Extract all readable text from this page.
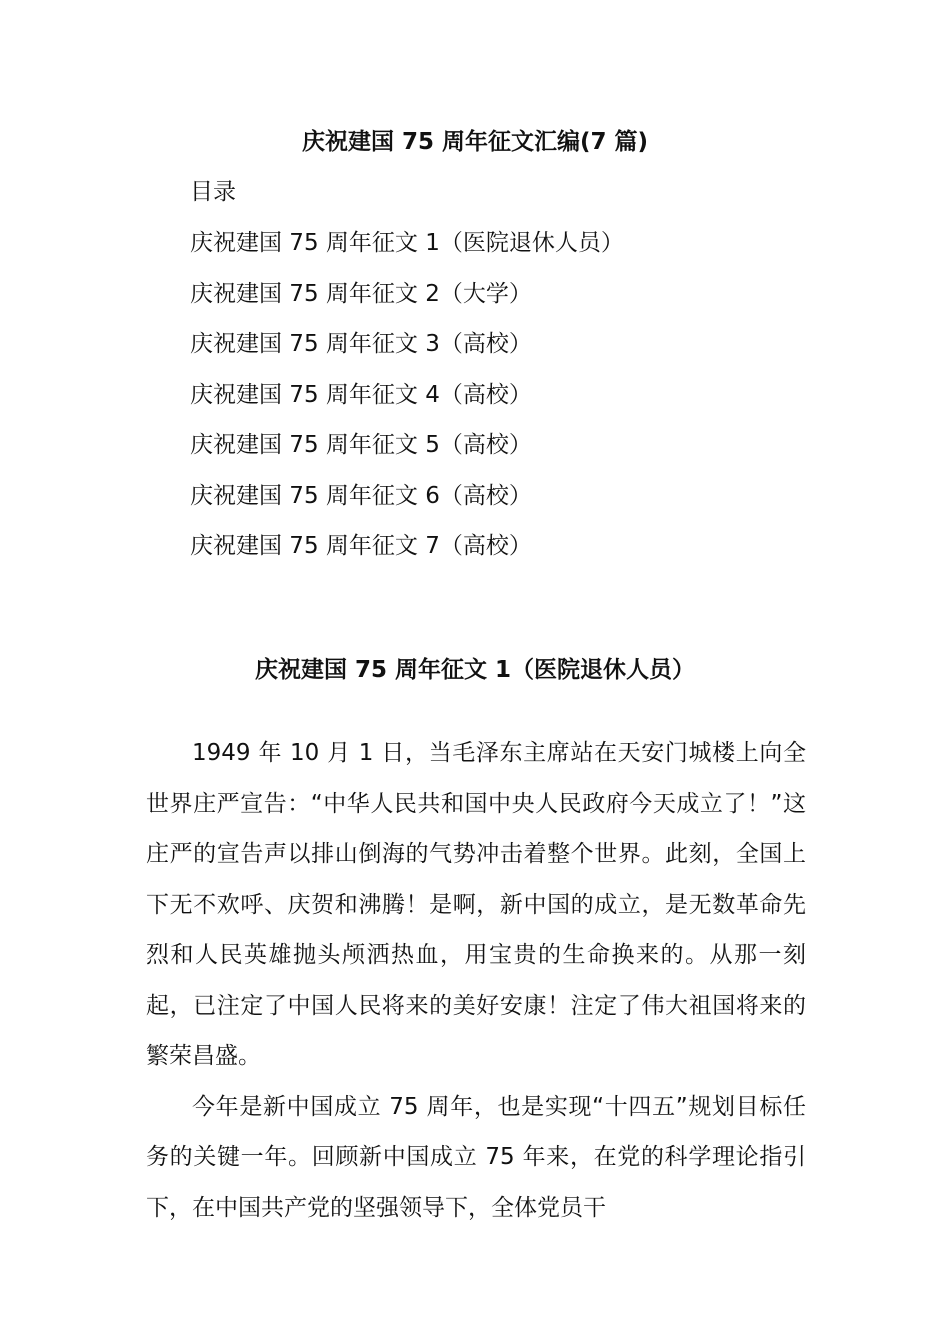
庆祝建国 75 周年征文汇编(7 篇)
目录
庆祝建国 75 周年征文 1（医院退休人员）
庆祝建国 75 周年征文 2（大学）
庆祝建国 75 周年征文 3（高校）
庆祝建国 75 周年征文 4（高校）
庆祝建国 75 周年征文 5（高校）
庆祝建国 75 周年征文 6（高校）
庆祝建国 75 周年征文 7（高校）
庆祝建国 75 周年征文 1（医院退休人员）

1949 年 10 月 1 日，当毛泽东主席站在天安门城楼上向全世界庄严宣告：“中华人民共和国中央人民政府今天成立了！”这庄严的宣告声以排山倒海的气势冲击着整个世界。此刻，全国上下无不欢呼、庆贺和沸腾！是啊，新中国的成立，是无数革命先烈和人民英雄抛头颅洒热血，用宝贵的生命换来的。从那一刻起，已注定了中国人民将来的美好安康！注定了伟大祖国将来的繁荣昌盛。

今年是新中国成立 75 周年，也是实现“十四五”规划目标任务的关键一年。回顾新中国成立 75 年来，在党的科学理论指引下，在中国共产党的坚强领导下，全体党员干
